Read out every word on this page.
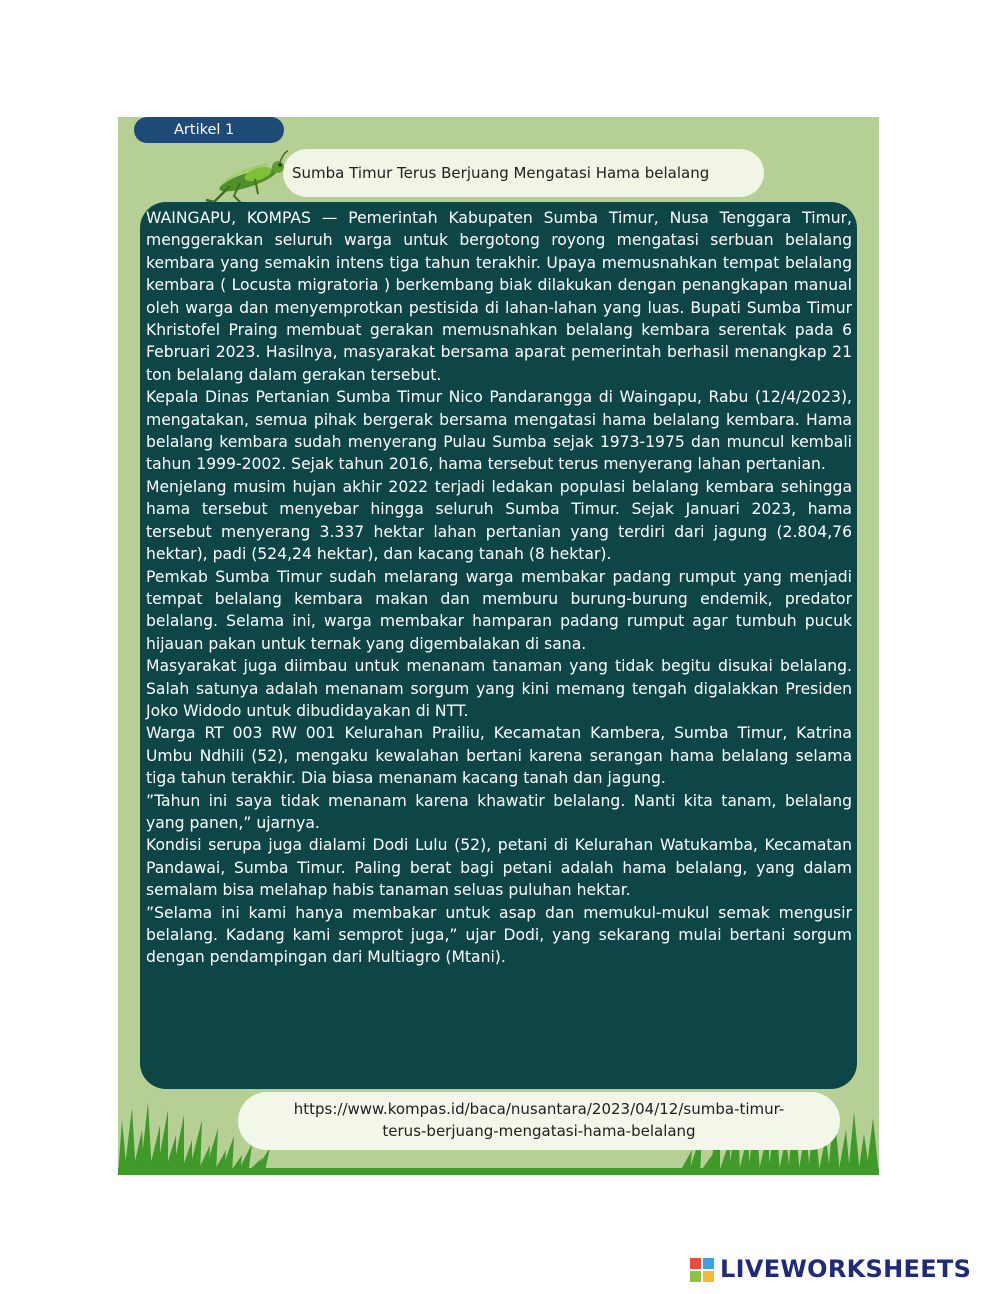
Artikel 1
Sumba Timur Terus Berjuang Mengatasi Hama belalang

WAINGAPU, KOMPAS — Pemerintah Kabupaten Sumba Timur, Nusa Tenggara Timur, menggerakkan seluruh warga untuk bergotong royong mengatasi serbuan belalang kembara yang semakin intens tiga tahun terakhir. Upaya memusnahkan tempat belalang kembara ( Locusta migratoria ) berkembang biak dilakukan dengan penangkapan manual oleh warga dan menyemprotkan pestisida di lahan-lahan yang luas. Bupati Sumba Timur Khristofel Praing membuat gerakan memusnahkan belalang kembara serentak pada 6 Februari 2023. Hasilnya, masyarakat bersama aparat pemerintah berhasil menangkap 21 ton belalang dalam gerakan tersebut.

Kepala Dinas Pertanian Sumba Timur Nico Pandarangga di Waingapu, Rabu (12/4/2023), mengatakan, semua pihak bergerak bersama mengatasi hama belalang kembara. Hama belalang kembara sudah menyerang Pulau Sumba sejak 1973-1975 dan muncul kembali tahun 1999-2002. Sejak tahun 2016, hama tersebut terus menyerang lahan pertanian.

Menjelang musim hujan akhir 2022 terjadi ledakan populasi belalang kembara sehingga hama tersebut menyebar hingga seluruh Sumba Timur. Sejak Januari 2023, hama tersebut menyerang 3.337 hektar lahan pertanian yang terdiri dari jagung (2.804,76 hektar), padi (524,24 hektar), dan kacang tanah (8 hektar).

Pemkab Sumba Timur sudah melarang warga membakar padang rumput yang menjadi tempat belalang kembara makan dan memburu burung-burung endemik, predator belalang. Selama ini, warga membakar hamparan padang rumput agar tumbuh pucuk hijauan pakan untuk ternak yang digembalakan di sana.

Masyarakat juga diimbau untuk menanam tanaman yang tidak begitu disukai belalang. Salah satunya adalah menanam sorgum yang kini memang tengah digalakkan Presiden Joko Widodo untuk dibudidayakan di NTT.

Warga RT 003 RW 001 Kelurahan Prailiu, Kecamatan Kambera, Sumba Timur, Katrina Umbu Ndhili (52), mengaku kewalahan bertani karena serangan hama belalang selama tiga tahun terakhir. Dia biasa menanam kacang tanah dan jagung.

”Tahun ini saya tidak menanam karena khawatir belalang. Nanti kita tanam, belalang yang panen,” ujarnya.

Kondisi serupa juga dialami Dodi Lulu (52), petani di Kelurahan Watukamba, Kecamatan Pandawai, Sumba Timur. Paling berat bagi petani adalah hama belalang, yang dalam semalam bisa melahap habis tanaman seluas puluhan hektar.

”Selama ini kami hanya membakar untuk asap dan memukul-mukul semak mengusir belalang. Kadang kami semprot juga,” ujar Dodi, yang sekarang mulai bertani sorgum dengan pendampingan dari Multiagro (Mtani).

https://www.kompas.id/baca/nusantara/2023/04/12/sumba-timur-
terus-berjuang-mengatasi-hama-belalang
LIVEWORKSHEETS
